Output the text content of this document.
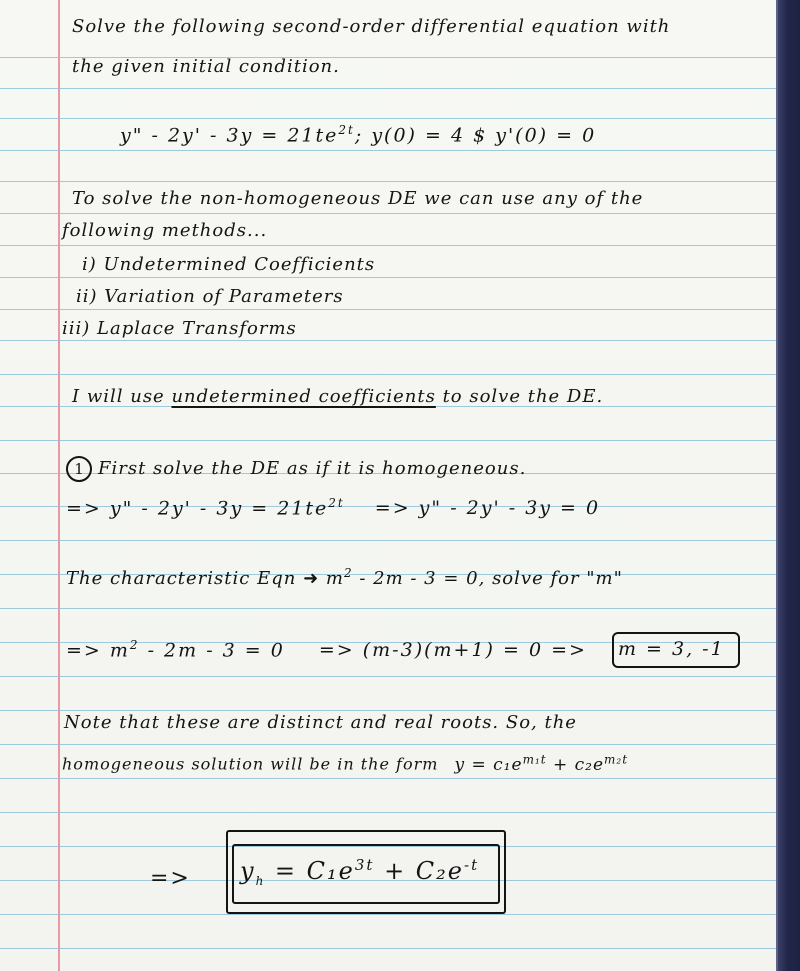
Solve the following second-order differential equation with
the given initial condition.
y" - $2y' - 3y = 21te^{2t}$; y(0) = 4 $ y'(0) = 0
To solve the non-homogeneous DE we can use any of the
following methods...
i) Undetermined Coefficients
ii) Variation of Parameters
iii) Laplace Transforms
I will use undetermined coefficients to solve the DE.
1 First solve the DE as if it is homogeneous.
=> y" - $2y' - 3y = 21te^{2t} => y$" - 2y' - 3y = 0
The characteristic Eqn ➜ $m^2 - 2m - 3 = 0$, solve for "m"
=> $m^2 - 2m - 3 = 0 => (m-3)(m+1) = 0 => m = 3$, -1
Note that these are distinct and real roots. So, the
homogeneous solution will be in the form $y = c_1e^{m_1t} + c_2e^{m_2t}$
=> $y_h = C_1e^{3t} + C_2e^{-t}$
